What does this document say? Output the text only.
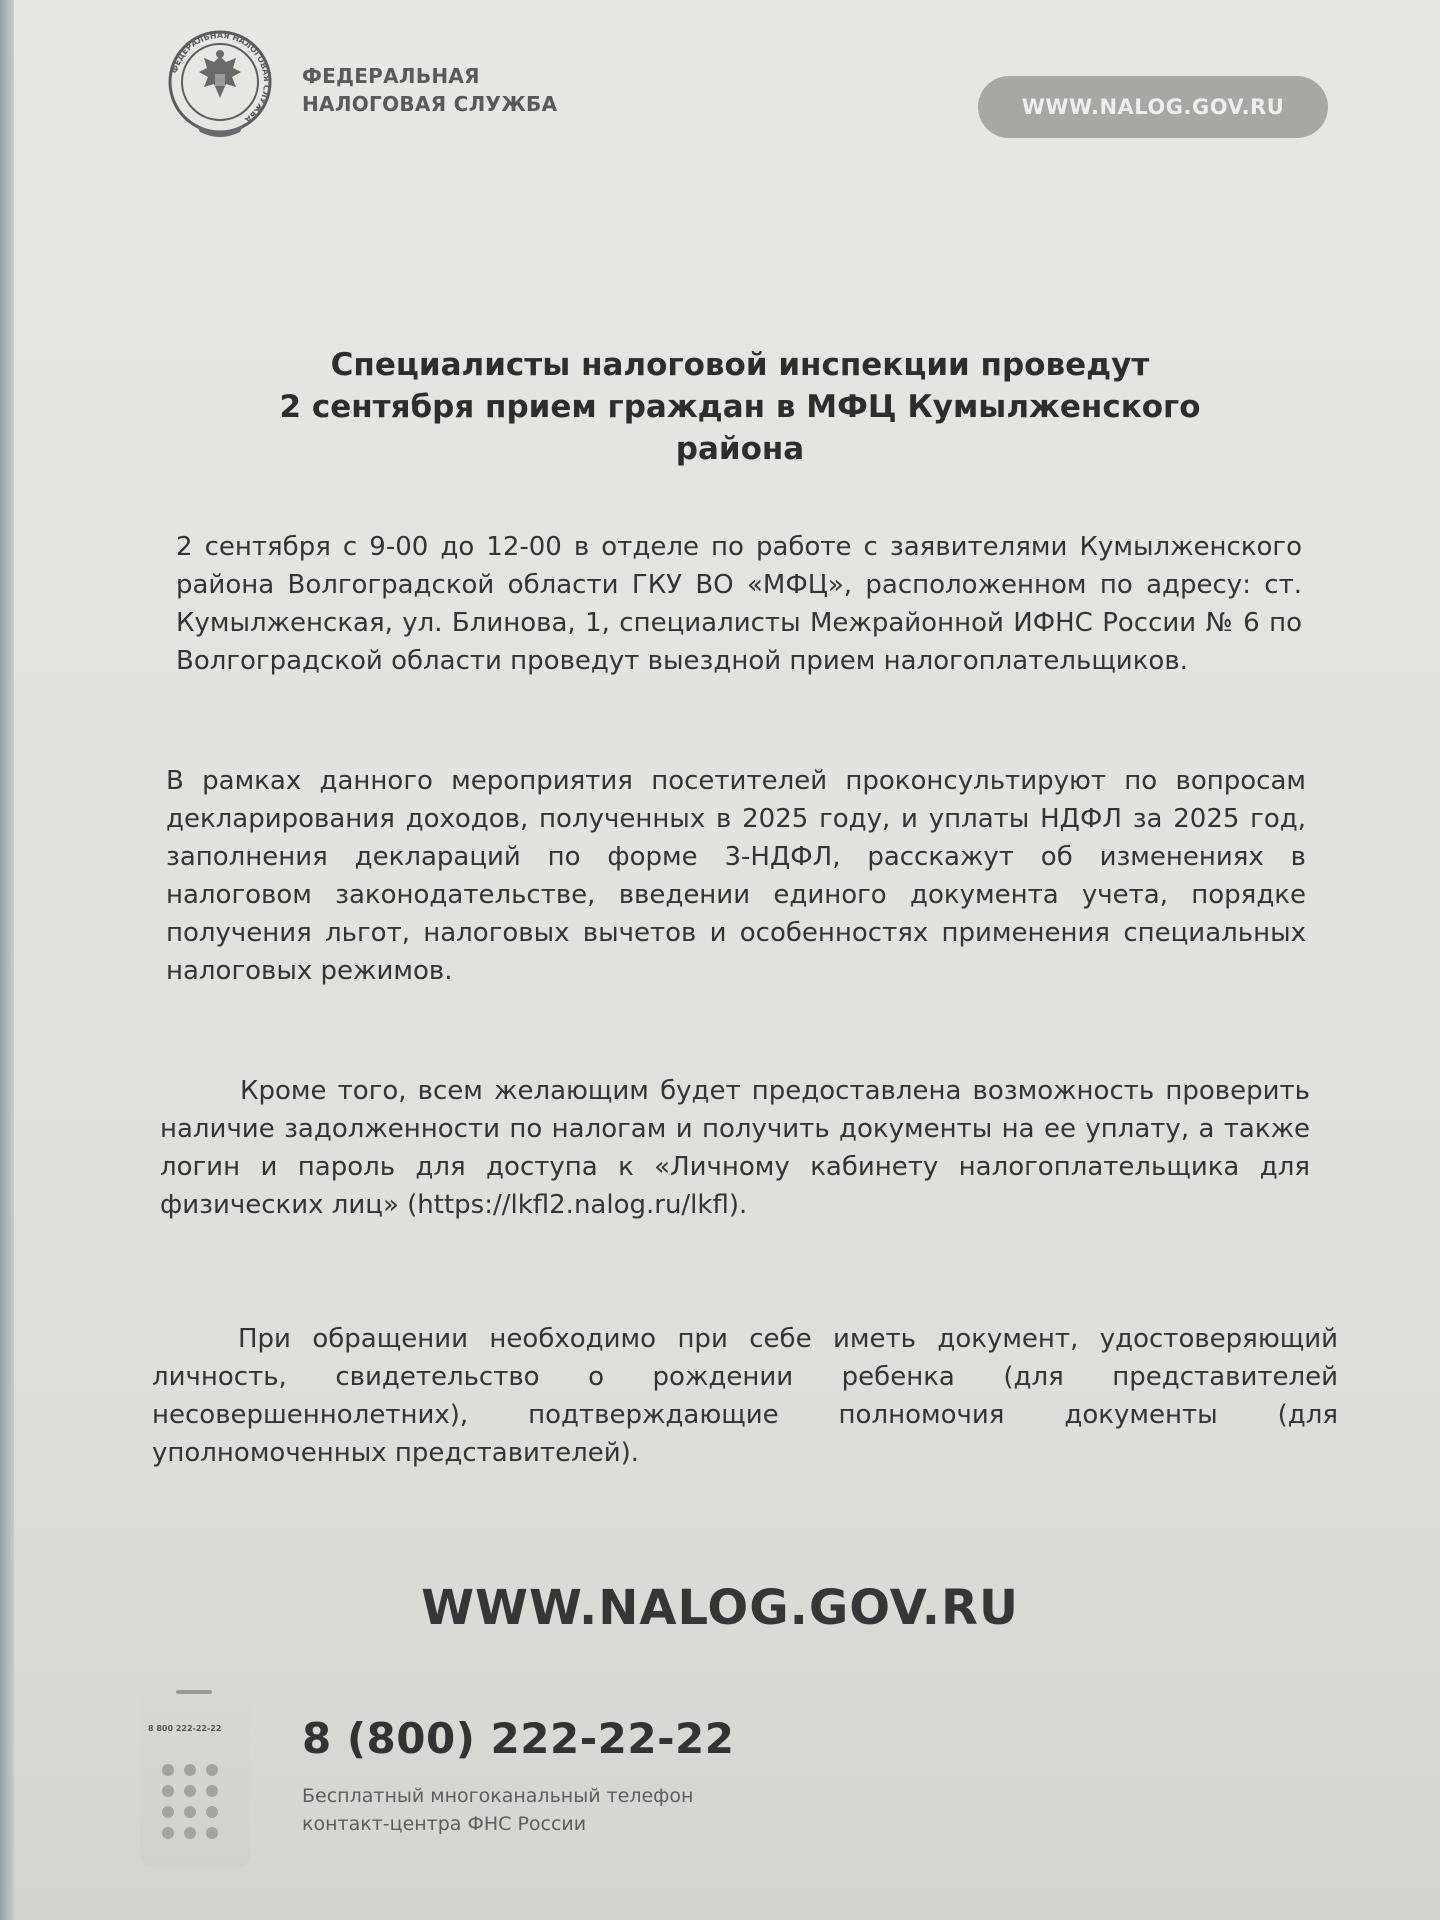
ФЕДЕРАЛЬНАЯ НАЛОГОВАЯ СЛУЖБА
ФЕДЕРАЛЬНАЯ
НАЛОГОВАЯ СЛУЖБА	WWW.NALOG.GOV.RU
Специалисты налоговой инспекции проведут
2 сентября прием граждан в МФЦ Кумылженского
района
2 сентября с 9-00 до 12-00 в отделе по работе с заявителями Кумылженского района Волгоградской области ГКУ ВО «МФЦ», расположенном по адресу: ст. Кумылженская, ул. Блинова, 1, специалисты Межрайонной ИФНС России № 6 по Волгоградской области проведут выездной прием налогоплательщиков.
В рамках данного мероприятия посетителей проконсультируют по вопросам декларирования доходов, полученных в 2025 году, и уплаты НДФЛ за 2025 год, заполнения деклараций по форме 3-НДФЛ, расскажут об изменениях в налоговом законодательстве, введении единого документа учета, порядке получения льгот, налоговых вычетов и особенностях применения специальных налоговых режимов.
Кроме того, всем желающим будет предоставлена возможность проверить наличие задолженности по налогам и получить документы на ее уплату, а также логин и пароль для доступа к «Личному кабинету налогоплательщика для физических лиц» (https://lkfl2.nalog.ru/lkfl).
При обращении необходимо при себе иметь документ, удостоверяющий личность, свидетельство о рождении ребенка (для представителей несовершеннолетних), подтверждающие полномочия документы (для уполномоченных представителей).
WWW.NALOG.GOV.RU
8 800 222-22-22	8 (800) 222-22-22
Бесплатный многоканальный телефон
контакт-центра ФНС России
